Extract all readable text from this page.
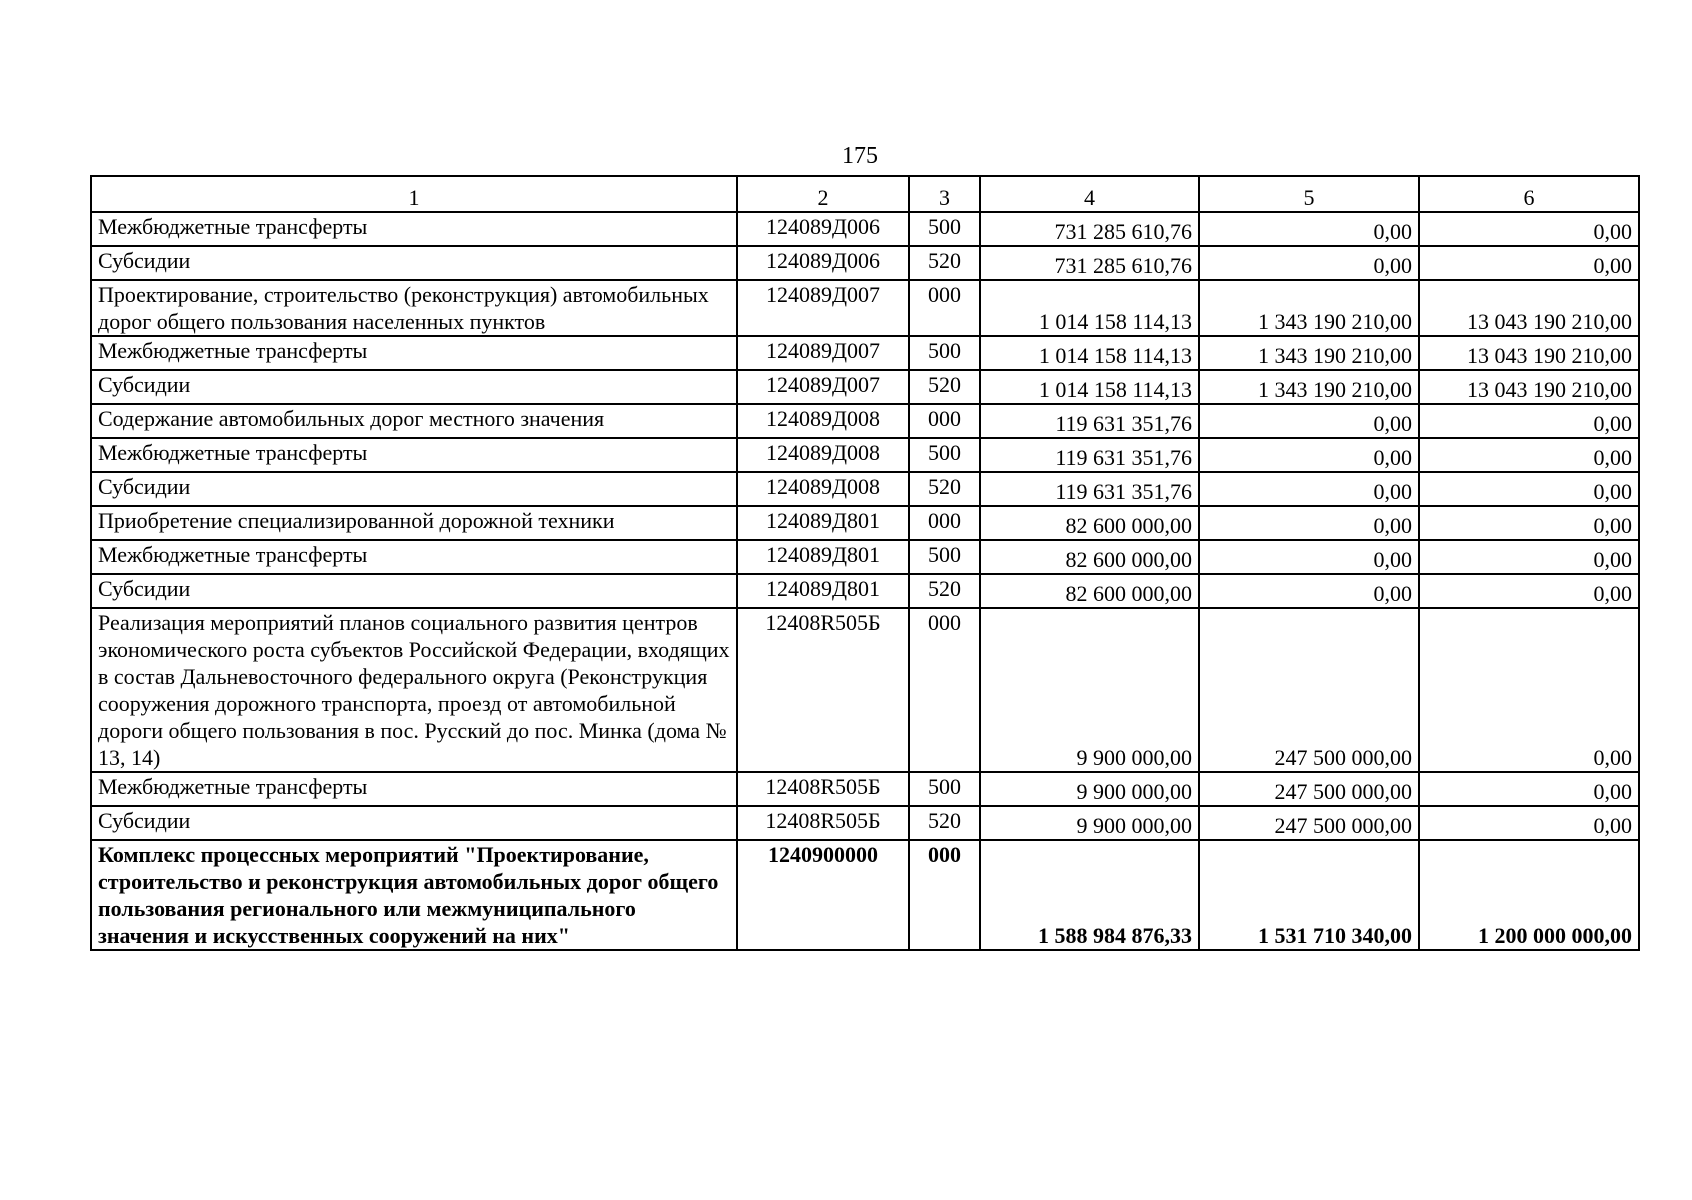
175
1	2	3	4	5	6
Межбюджетные трансферты	124089Д006	500	731 285 610,76	0,00	0,00
Субсидии	124089Д006	520	731 285 610,76	0,00	0,00
Проектирование, строительство (реконструкция) автомобильных дорог общего пользования населенных пунктов	124089Д007	000	1 014 158 114,13	1 343 190 210,00	13 043 190 210,00
Межбюджетные трансферты	124089Д007	500	1 014 158 114,13	1 343 190 210,00	13 043 190 210,00
Субсидии	124089Д007	520	1 014 158 114,13	1 343 190 210,00	13 043 190 210,00
Содержание автомобильных дорог местного значения	124089Д008	000	119 631 351,76	0,00	0,00
Межбюджетные трансферты	124089Д008	500	119 631 351,76	0,00	0,00
Субсидии	124089Д008	520	119 631 351,76	0,00	0,00
Приобретение специализированной дорожной техники	124089Д801	000	82 600 000,00	0,00	0,00
Межбюджетные трансферты	124089Д801	500	82 600 000,00	0,00	0,00
Субсидии	124089Д801	520	82 600 000,00	0,00	0,00
Реализация мероприятий планов социального развития центров экономического роста субъектов Российской Федерации, входящих в состав Дальневосточного федерального округа (Реконструкция сооружения дорожного транспорта, проезд от автомобильной дороги общего пользования в пос. Русский до пос. Минка (дома № 13, 14)	12408R505Б	000	9 900 000,00	247 500 000,00	0,00
Межбюджетные трансферты	12408R505Б	500	9 900 000,00	247 500 000,00	0,00
Субсидии	12408R505Б	520	9 900 000,00	247 500 000,00	0,00
Комплекс процессных мероприятий "Проектирование, строительство и реконструкция автомобильных дорог общего пользования регионального или межмуниципального значения и искусственных сооружений на них"	1240900000	000	1 588 984 876,33	1 531 710 340,00	1 200 000 000,00
